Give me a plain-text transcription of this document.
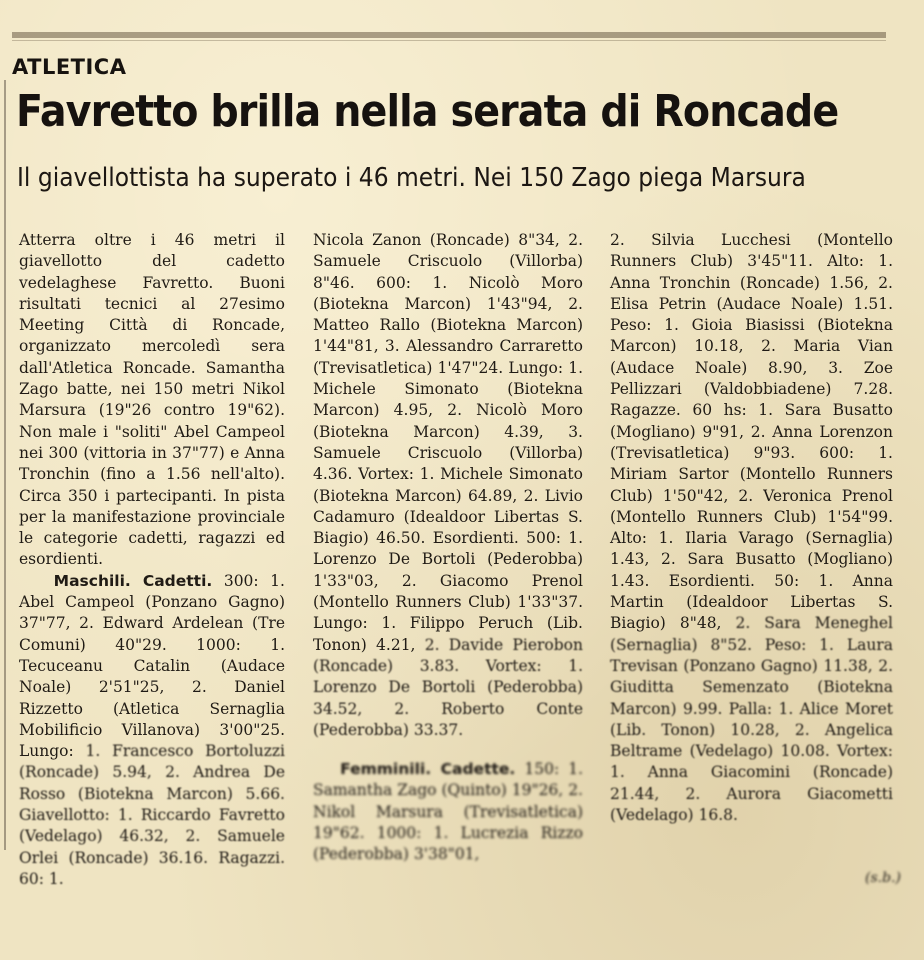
ATLETICA
Favretto brilla nella serata di Roncade
Il giavellottista ha superato i 46 metri. Nei 150 Zago piega Marsura

Atterra oltre i 46 metri il giavellotto del cadetto vedelaghese Favretto. Buoni risultati tecnici al 27esimo Meeting Città di Roncade, organizzato mercoledì sera dall'Atletica Roncade. Samantha Zago batte, nei 150 metri Nikol Marsura (19"26 contro 19"62). Non male i "soliti" Abel Campeol nei 300 (vittoria in 37"77) e Anna Tronchin (fino a 1.56 nell'alto). Circa 350 i partecipanti. In pista per la manifestazione provinciale le categorie cadetti, ragazzi ed esordienti.

Maschili. Cadetti. 300: 1. Abel Campeol (Ponzano Gagno) 37"77, 2. Edward Ardelean (Tre Comuni) 40"29. 1000: 1. Tecuceanu Catalin (Audace Noale) 2'51"25, 2. Daniel Rizzetto (Atletica Sernaglia Mobilificio Villanova) 3'00"25. Lungo: 1. Francesco Bortoluzzi (Roncade) 5.94, 2. Andrea De Rosso (Biotekna Marcon) 5.66. Giavellotto: 1. Riccardo Favretto (Vedelago) 46.32, 2. Samuele Orlei (Roncade) 36.16. Ragazzi. 60: 1.

Nicola Zanon (Roncade) 8"34, 2. Samuele Criscuolo (Villorba) 8"46. 600: 1. Nicolò Moro (Biotekna Marcon) 1'43"94, 2. Matteo Rallo (Biotekna Marcon) 1'44"81, 3. Alessandro Carraretto (Trevisatletica) 1'47"24. Lungo: 1. Michele Simonato (Biotekna Marcon) 4.95, 2. Nicolò Moro (Biotekna Marcon) 4.39, 3. Samuele Criscuolo (Villorba) 4.36. Vortex: 1. Michele Simonato (Biotekna Marcon) 64.89, 2. Livio Cadamuro (Idealdoor Libertas S. Biagio) 46.50. Esordienti. 500: 1. Lorenzo De Bortoli (Pederobba) 1'33"03, 2. Giacomo Prenol (Montello Runners Club) 1'33"37. Lungo: 1. Filippo Peruch (Lib. Tonon) 4.21, 2. Davide Pierobon (Roncade) 3.83. Vortex: 1. Lorenzo De Bortoli (Pederobba) 34.52, 2. Roberto Conte (Pederobba) 33.37.

Femminili. Cadette. 150: 1. Samantha Zago (Quinto) 19"26, 2. Nikol Marsura (Trevisatletica) 19"62. 1000: 1. Lucrezia Rizzo (Pederobba) 3'38"01,

2. Silvia Lucchesi (Montello Runners Club) 3'45"11. Alto: 1. Anna Tronchin (Roncade) 1.56, 2. Elisa Petrin (Audace Noale) 1.51. Peso: 1. Gioia Biasissi (Biotekna Marcon) 10.18, 2. Maria Vian (Audace Noale) 8.90, 3. Zoe Pellizzari (Valdobbiadene) 7.28. Ragazze. 60 hs: 1. Sara Busatto (Mogliano) 9"91, 2. Anna Lorenzon (Trevisatletica) 9"93. 600: 1. Miriam Sartor (Montello Runners Club) 1'50"42, 2. Veronica Prenol (Montello Runners Club) 1'54"99. Alto: 1. Ilaria Varago (Sernaglia) 1.43, 2. Sara Busatto (Mogliano) 1.43. Esordienti. 50: 1. Anna Martin (Idealdoor Libertas S. Biagio) 8"48, 2. Sara Meneghel (Sernaglia) 8"52. Peso: 1. Laura Trevisan (Ponzano Gagno) 11.38, 2. Giuditta Semenzato (Biotekna Marcon) 9.99. Palla: 1. Alice Moret (Lib. Tonon) 10.28, 2. Angelica Beltrame (Vedelago) 10.08. Vortex: 1. Anna Giacomini (Roncade) 21.44, 2. Aurora Giacometti (Vedelago) 16.8.

(s.b.)
